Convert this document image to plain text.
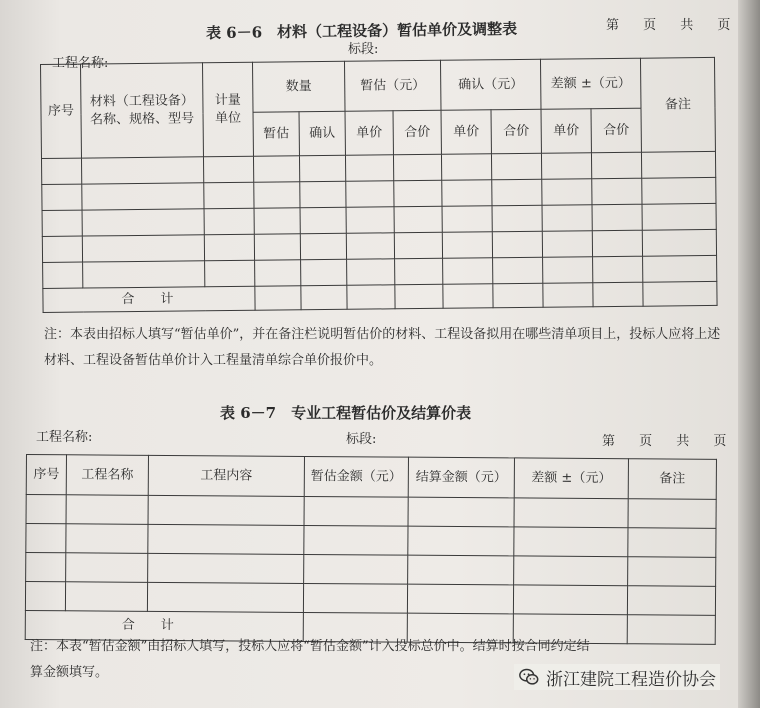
表 6－6　材料（工程设备）暂估单价及调整表	第 页 共 页
工程名称:
标段:
序号	材料（工程设备）名称、规格、型号	计量单位	数量		暂估（元）		确认（元）		差额 ±（元）		备注
			暂估	确认	单价	合价	单价	合价	单价	合价	

合计											
注：本表由招标人填写“暂估单价”，并在备注栏说明暂估价的材料、工程设备拟用在哪些清单项目上，投标人应将上述材料、工程设备暂估单价计入工程量清单综合单价报价中。
表 6－7　专业工程暂估价及结算价表
工程名称:	标段:	第 页 共 页
序号	工程名称	工程内容	暂估金额（元）	结算金额（元）	差额 ±（元）	备注

合计						
注：本表“暂估金额”由招标人填写，投标人应将“暂估金额”计入投标总价中。结算时按合同约定结算金额填写。	浙江建院工程造价协会
